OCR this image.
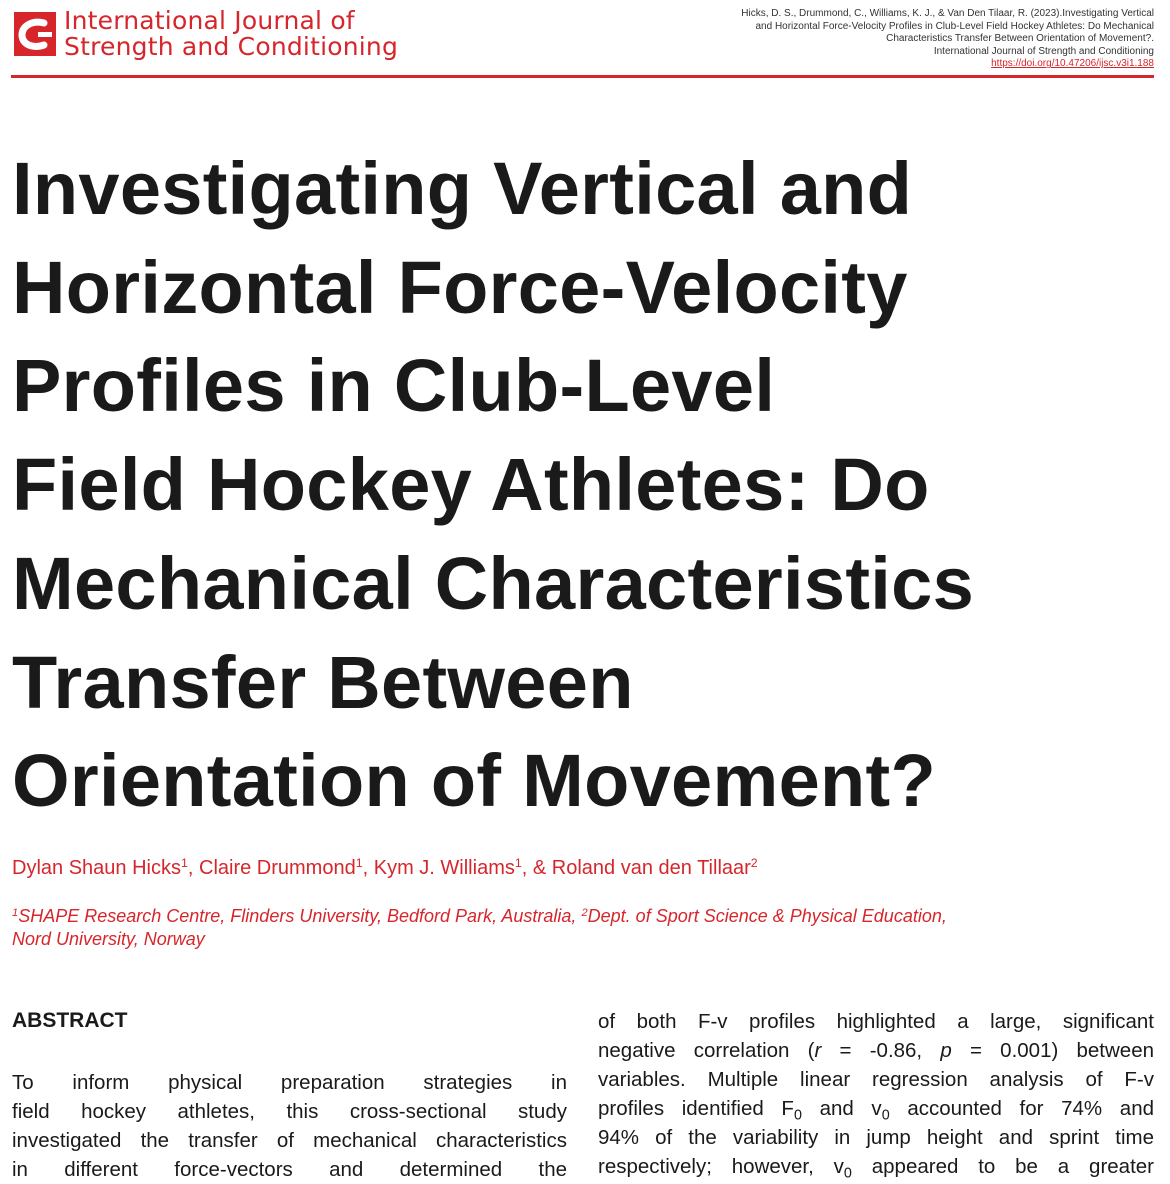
International Journal of
Strength and Conditioning
Hicks, D. S., Drummond, C., Williams, K. J., & Van Den Tilaar, R. (2023).Investigating Vertical
and Horizontal Force-Velocity Profiles in Club-Level Field Hockey Athletes: Do Mechanical
Characteristics Transfer Between Orientation of Movement?.
International Journal of Strength and Conditioning
https://doi.org/10.47206/ijsc.v3i1.188
Investigating Vertical and
Horizontal Force-Velocity
Profiles in Club-Level
Field Hockey Athletes: Do
Mechanical Characteristics
Transfer Between
Orientation of Movement?
Dylan Shaun Hicks$^1$, Claire Drummond$^1$, Kym J. Williams$^1$, & Roland van den Tillaar$^2$
$^1$SHAPE Research Centre, Flinders University, Bedford Park, Australia, $^2$Dept. of Sport Science & Physical Education,
Nord University, Norway
ABSTRACT
To inform physical preparation strategies in
field hockey athletes, this cross-sectional study
investigated the transfer of mechanical characteristics
in different force-vectors and determined the
of both F-v profiles highlighted a large, significant
negative correlation (r = -0.86, p = 0.001) between
variables. Multiple linear regression analysis of F-v
profiles identified $F_0$ and $v_0$ accounted for 74% and
94% of the variability in jump height and sprint time
respectively; however, $v_0$ appeared to be a greater
